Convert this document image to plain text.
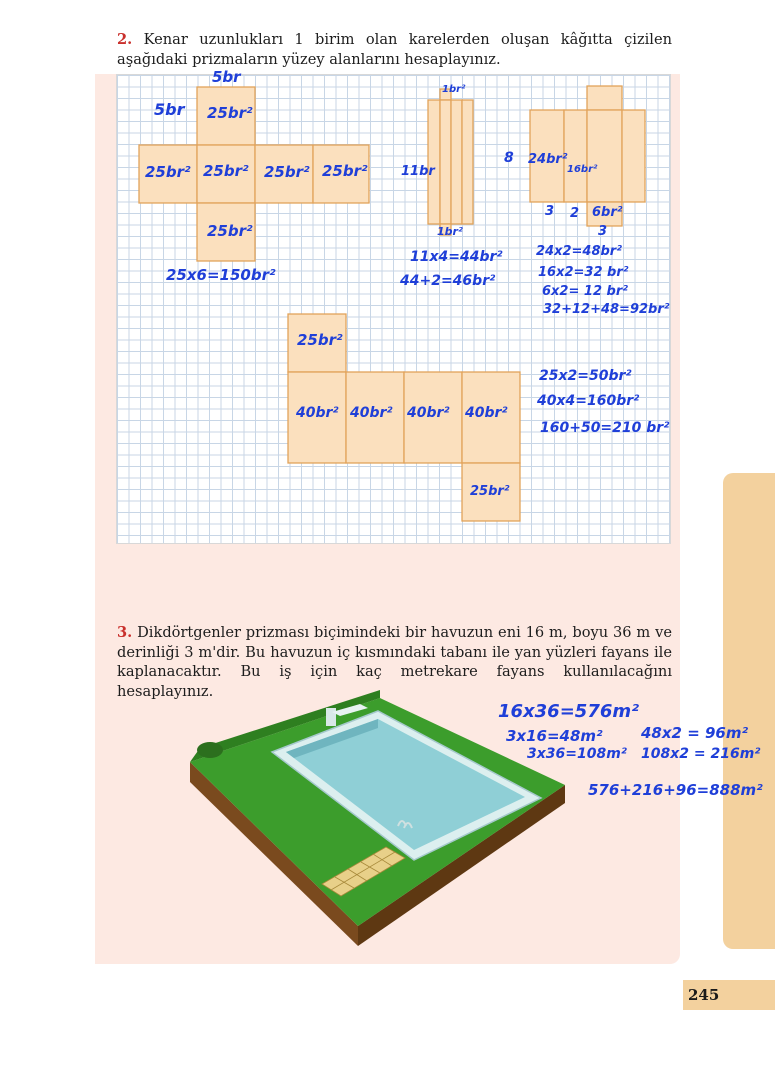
245
2. Kenar uzunlukları 1 birim olan karelerden oluşan kâğıtta çizilen aşağıdaki prizmaların yüzey alanlarını hesaplayınız.
5br
5br 25br²
25br² 25br² 25br² 25br²
25br²
25x6=150br²
1br²
11br
1br²
11x4=44br²
44+2=46br²
8 24br²
16br²
3 2 6br²
3
24x2=48br²
16x2=32 br²
6x2= 12 br²
32+12+48=92br²
25br²
40br² 40br² 40br² 40br²
25br²
25x2=50br²
40x4=160br²
160+50=210 br²
3. Dikdörtgenler prizması biçimindeki bir havuzun eni 16 m, boyu 36 m ve derinliği 3 m'dir. Bu havuzun iç kısmındaki tabanı ile yan yüzleri fayans ile kaplanacaktır. Bu iş için kaç metrekare fayans kullanılacağını hesaplayınız.
16x36=576m²
3x16=48m²	48x2 = 96m²
3x36=108m² 108x2 = 216m²
576+216+96=888m²
